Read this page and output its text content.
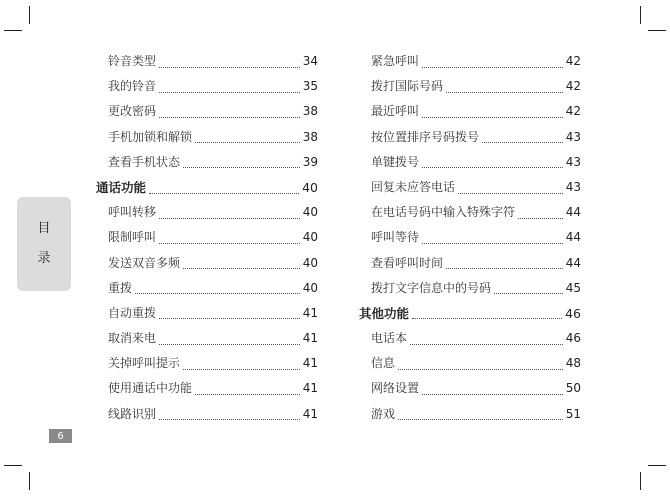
目
录
6
铃音类型	34
我的铃音	35
更改密码	38
手机加锁和解锁	38
查看手机状态	39
通话功能	40
呼叫转移	40
限制呼叫	40
发送双音多频	40
重拨	40
自动重拨	41
取消来电	41
关掉呼叫提示	41
使用通话中功能	41
线路识别	41
紧急呼叫	42
拨打国际号码	42
最近呼叫	42
按位置排序号码拨号	43
单键拨号	43
回复未应答电话	43
在电话号码中输入特殊字符	44
呼叫等待	44
查看呼叫时间	44
拨打文字信息中的号码	45
其他功能	46
电话本	46
信息	48
网络设置	50
游戏	51
